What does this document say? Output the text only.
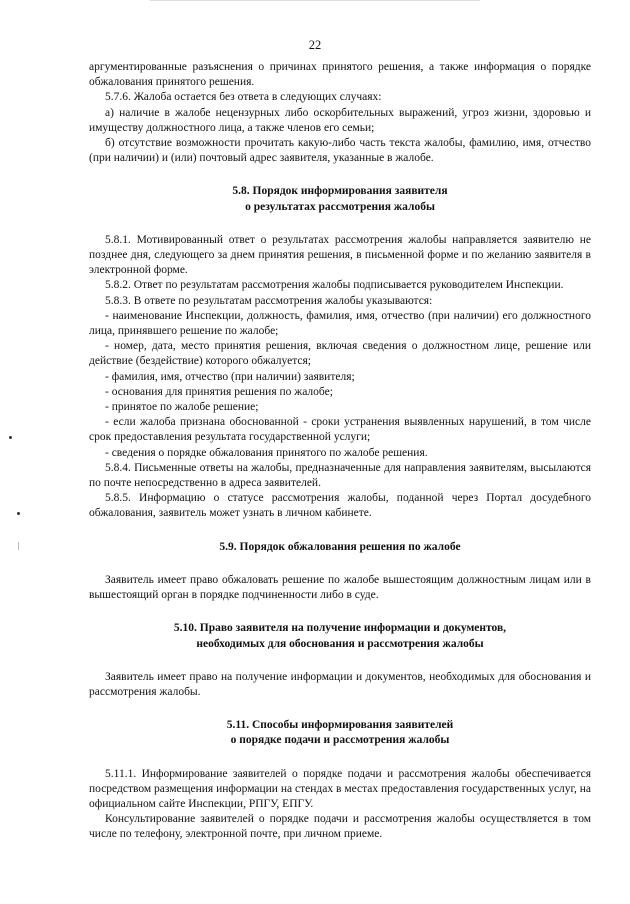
22

аргументированные разъяснения о причинах принятого решения, а также информация о порядке обжалования принятого решения.

5.7.6. Жалоба остается без ответа в следующих случаях:

а) наличие в жалобе нецензурных либо оскорбительных выражений, угроз жизни, здоровью и имуществу должностного лица, а также членов его семьи;

б) отсутствие возможности прочитать какую-либо часть текста жалобы, фамилию, имя, отчество (при наличии) и (или) почтовый адрес заявителя, указанные в жалобе.

5.8. Порядок информирования заявителя
о результатах рассмотрения жалобы

5.8.1. Мотивированный ответ о результатах рассмотрения жалобы направляется заявителю не позднее дня, следующего за днем принятия решения, в письменной форме и по желанию заявителя в электронной форме.

5.8.2. Ответ по результатам рассмотрения жалобы подписывается руководителем Инспекции.

5.8.3. В ответе по результатам рассмотрения жалобы указываются:

- наименование Инспекции, должность, фамилия, имя, отчество (при наличии) его должностного лица, принявшего решение по жалобе;

- номер, дата, место принятия решения, включая сведения о должностном лице, решение или действие (бездействие) которого обжалуется;

- фамилия, имя, отчество (при наличии) заявителя;

- основания для принятия решения по жалобе;

- принятое по жалобе решение;

- если жалоба признана обоснованной - сроки устранения выявленных нарушений, в том числе срок предоставления результата государственной услуги;

- сведения о порядке обжалования принятого по жалобе решения.

5.8.4. Письменные ответы на жалобы, предназначенные для направления заявителям, высылаются по почте непосредственно в адреса заявителей.

5.8.5. Информацию о статусе рассмотрения жалобы, поданной через Портал досудебного обжалования, заявитель может узнать в личном кабинете.

5.9. Порядок обжалования решения по жалобе

Заявитель имеет право обжаловать решение по жалобе вышестоящим должностным лицам или в вышестоящий орган в порядке подчиненности либо в суде.

5.10. Право заявителя на получение информации и документов,
необходимых для обоснования и рассмотрения жалобы

Заявитель имеет право на получение информации и документов, необходимых для обоснования и рассмотрения жалобы.

5.11. Способы информирования заявителей
о порядке подачи и рассмотрения жалобы

5.11.1. Информирование заявителей о порядке подачи и рассмотрения жалобы обеспечивается посредством размещения информации на стендах в местах предоставления государственных услуг, на официальном сайте Инспекции, РПГУ, ЕПГУ.

Консультирование заявителей о порядке подачи и рассмотрения жалобы осуществляется в том числе по телефону, электронной почте, при личном приеме.
